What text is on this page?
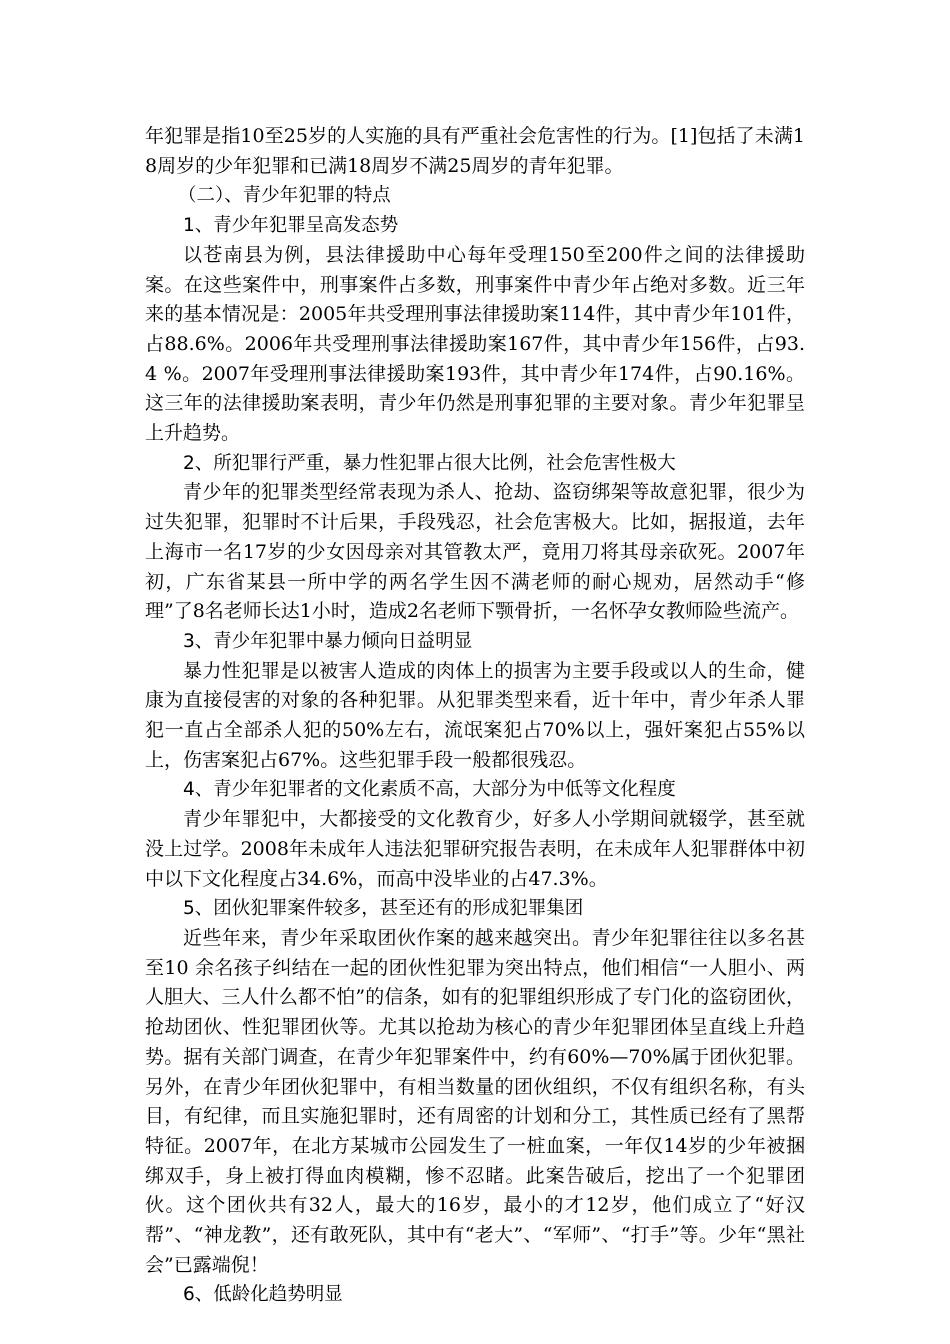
年犯罪是指10至25岁的人实施的具有严重社会危害性的行为。[1]包括了未满18周岁的少年犯罪和已满18周岁不满25周岁的青年犯罪。

（二）、青少年犯罪的特点
1、青少年犯罪呈高发态势

以苍南县为例，县法律援助中心每年受理150至200件之间的法律援助案。在这些案件中，刑事案件占多数，刑事案件中青少年占绝对多数。近三年来的基本情况是：2005年共受理刑事法律援助案114件，其中青少年101件，占88.6%。2006年共受理刑事法律援助案167件，其中青少年156件，占93.4 %。2007年受理刑事法律援助案193件，其中青少年174件，占90.16%。这三年的法律援助案表明，青少年仍然是刑事犯罪的主要对象。青少年犯罪呈上升趋势。

2、所犯罪行严重，暴力性犯罪占很大比例，社会危害性极大

青少年的犯罪类型经常表现为杀人、抢劫、盗窃绑架等故意犯罪，很少为过失犯罪，犯罪时不计后果，手段残忍，社会危害极大。比如，据报道，去年上海市一名17岁的少女因母亲对其管教太严，竟用刀将其母亲砍死。2007年初，广东省某县一所中学的两名学生因不满老师的耐心规劝，居然动手“修理”了8名老师长达1小时，造成2名老师下颚骨折，一名怀孕女教师险些流产。

3、青少年犯罪中暴力倾向日益明显

暴力性犯罪是以被害人造成的肉体上的损害为主要手段或以人的生命，健康为直接侵害的对象的各种犯罪。从犯罪类型来看，近十年中，青少年杀人罪犯一直占全部杀人犯的50%左右，流氓案犯占70%以上，强奸案犯占55%以上，伤害案犯占67%。这些犯罪手段一般都很残忍。

4、青少年犯罪者的文化素质不高，大部分为中低等文化程度

青少年罪犯中，大都接受的文化教育少，好多人小学期间就辍学，甚至就没上过学。2008年未成年人违法犯罪研究报告表明，在未成年人犯罪群体中初中以下文化程度占34.6%，而高中没毕业的占47.3%。

5、团伙犯罪案件较多，甚至还有的形成犯罪集团

近些年来，青少年采取团伙作案的越来越突出。青少年犯罪往往以多名甚至10 余名孩子纠结在一起的团伙性犯罪为突出特点，他们相信“一人胆小、两人胆大、三人什么都不怕”的信条，如有的犯罪组织形成了专门化的盗窃团伙，抢劫团伙、性犯罪团伙等。尤其以抢劫为核心的青少年犯罪团体呈直线上升趋势。据有关部门调查，在青少年犯罪案件中，约有60%—70%属于团伙犯罪。另外，在青少年团伙犯罪中，有相当数量的团伙组织，不仅有组织名称，有头目，有纪律，而且实施犯罪时，还有周密的计划和分工，其性质已经有了黑帮特征。2007年，在北方某城市公园发生了一桩血案，一年仅14岁的少年被捆绑双手，身上被打得血肉模糊，惨不忍睹。此案告破后，挖出了一个犯罪团伙。这个团伙共有32人，最大的16岁，最小的才12岁，他们成立了“好汉帮”、“神龙教”，还有敢死队，其中有“老大”、“军师”、“打手”等。少年“黑社会”已露端倪！

6、低龄化趋势明显
